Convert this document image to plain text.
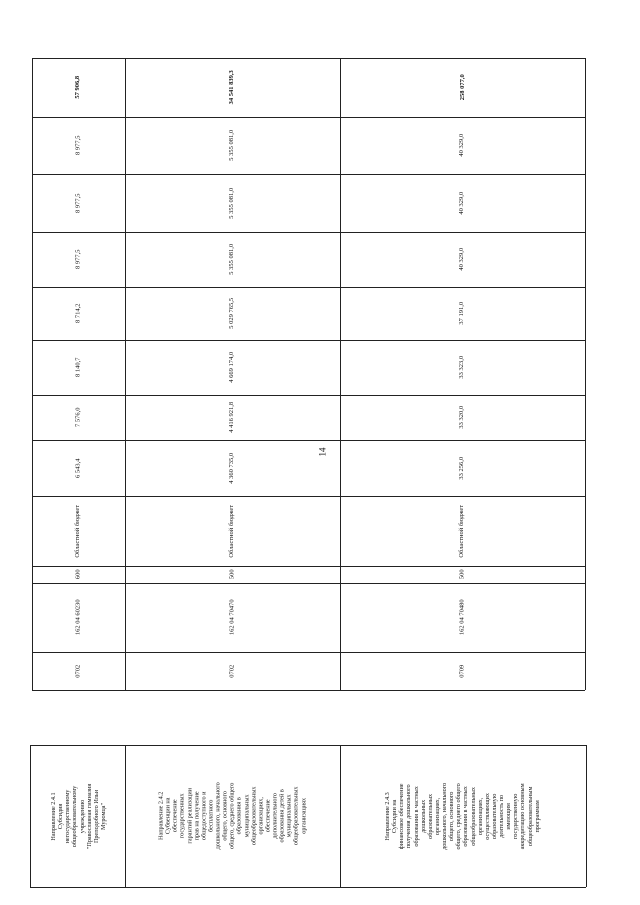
14
57 906,8
8 977,5
8 977,5
8 977,5
8 714,2
8 140,7
7 576,0
6 543,4
Областной бюджет
600
162 04 60230
0702
Направление 2.4.1
Субсидия
негосударственному
общеобразовательному
учреждению
"Православная гимназия
Преподобного Ильи
Муромца"
34 541 839,3
5 355 081,0
5 355 081,0
5 355 081,0
5 029 765,5
4 669 174,0
4 416 921,8
4 360 735,0
Областной бюджет
500
162 04 70470
0702
Направление 2.4.2
Субвенции на
обеспечение
государственных
гарантий реализации
прав на получение
общедоступного и
бесплатного
дошкольного, начального
общего, основного
общего, среднего общего
образования в
муниципальных
общеобразовательных
организациях,
обеспечение
дополнительного
образования детей в
муниципальных
общеобразовательных
организациях
258 077,0
40 329,0
40 329,0
40 329,0
37 191,0
33 323,0
33 320,0
33 256,0
Областной бюджет
500
162 04 70480
0709
Направление 2.4.3
Субсидии на
финансовое обеспечение
получения дошкольного
образования в частных
дошкольных
образовательных
организациях,
дошкольного, начального
общего, основного
общего, среднего общего
образования в частных
общеобразовательных
организациях,
осуществляющих
образовательную
деятельность по
имеющим
государственную
аккредитацию основным
общеобразовательным
программам
